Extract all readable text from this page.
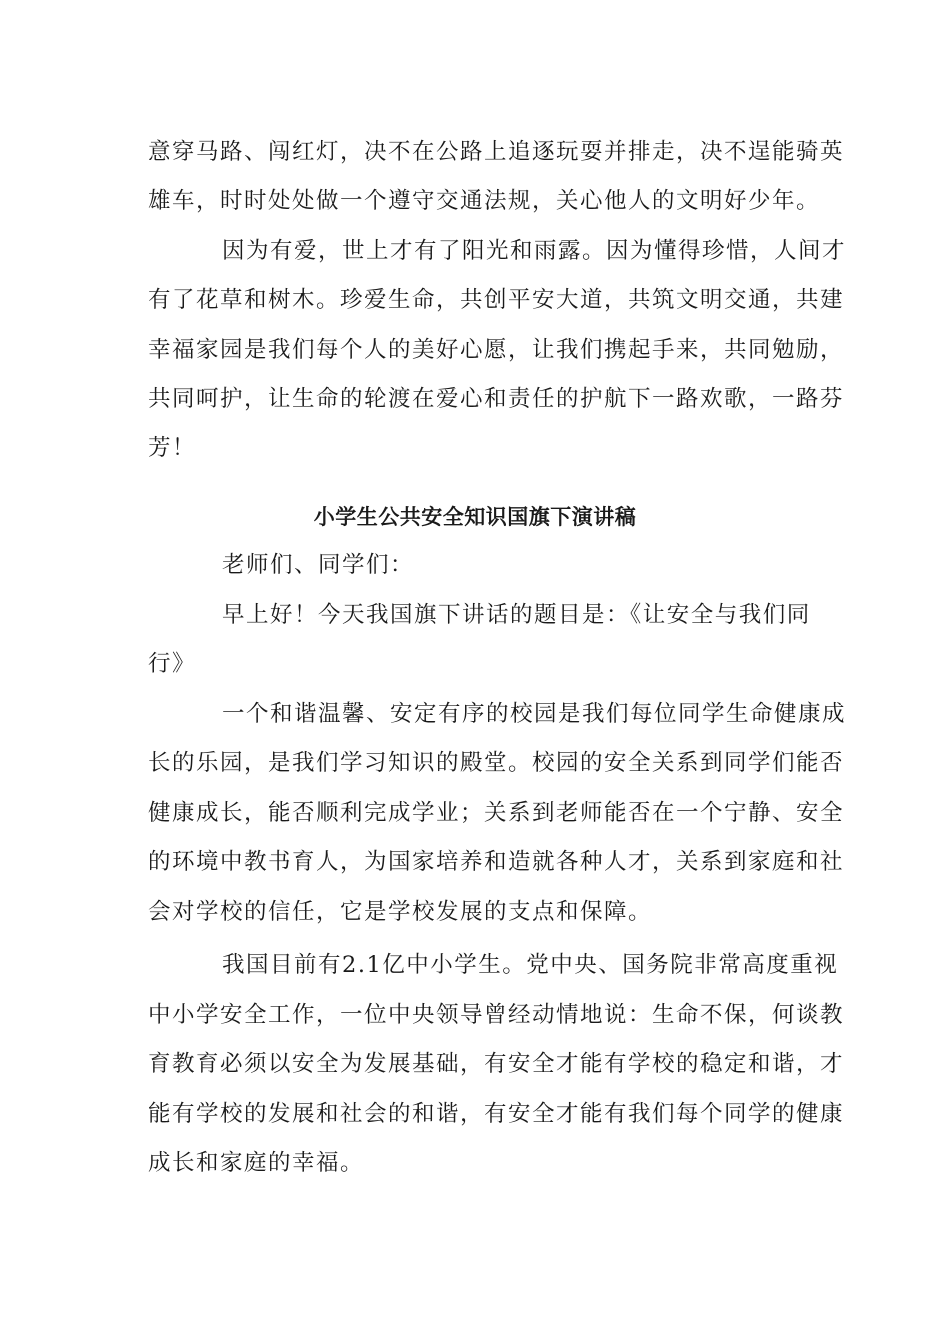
意穿马路、闯红灯，决不在公路上追逐玩耍并排走，决不逞能骑英
雄车，时时处处做一个遵守交通法规，关心他人的文明好少年。
因为有爱，世上才有了阳光和雨露。因为懂得珍惜，人间才
有了花草和树木。珍爱生命，共创平安大道，共筑文明交通，共建
幸福家园是我们每个人的美好心愿，让我们携起手来，共同勉励，
共同呵护，让生命的轮渡在爱心和责任的护航下一路欢歌，一路芬
芳！
小学生公共安全知识国旗下演讲稿
老师们、同学们：
早上好！今天我国旗下讲话的题目是：《让安全与我们同
行》
一个和谐温馨、安定有序的校园是我们每位同学生命健康成
长的乐园，是我们学习知识的殿堂。校园的安全关系到同学们能否
健康成长，能否顺利完成学业；关系到老师能否在一个宁静、安全
的环境中教书育人，为国家培养和造就各种人才，关系到家庭和社
会对学校的信任，它是学校发展的支点和保障。
我国目前有2.1亿中小学生。党中央、国务院非常高度重视
中小学安全工作，一位中央领导曾经动情地说：生命不保，何谈教
育教育必须以安全为发展基础，有安全才能有学校的稳定和谐，才
能有学校的发展和社会的和谐，有安全才能有我们每个同学的健康
成长和家庭的幸福。
